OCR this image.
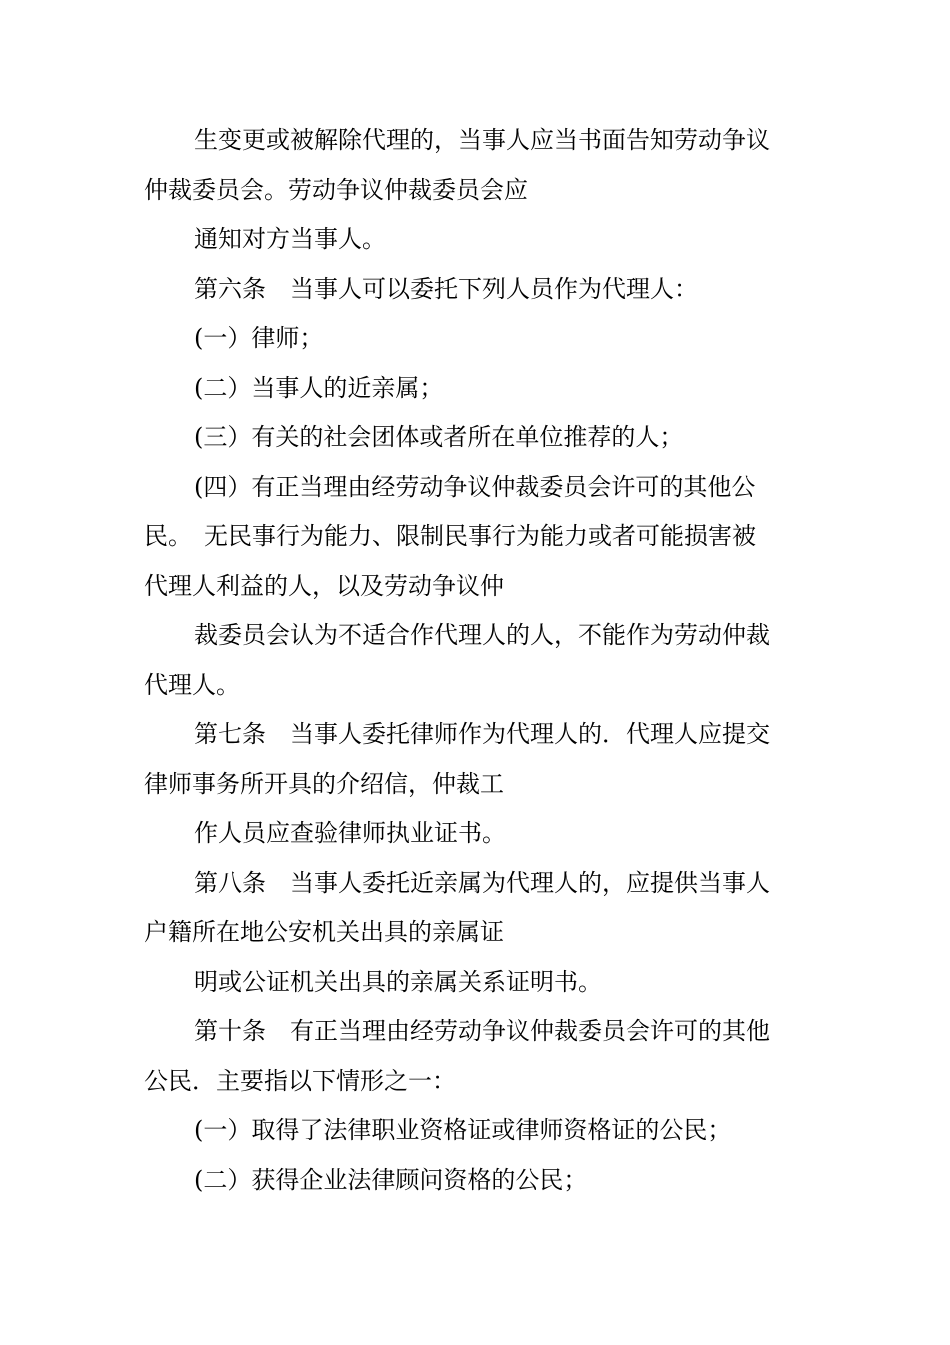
生变更或被解除代理的，当事人应当书面告知劳动争议
仲裁委员会。劳动争议仲裁委员会应
通知对方当事人。
第六条　当事人可以委托下列人员作为代理人：
(一）律师；
(二）当事人的近亲属；
(三）有关的社会团体或者所在单位推荐的人；
(四）有正当理由经劳动争议仲裁委员会许可的其他公
民。　无民事行为能力、限制民事行为能力或者可能损害被
代理人利益的人，以及劳动争议仲
裁委员会认为不适合作代理人的人，不能作为劳动仲裁
代理人。
第七条　当事人委托律师作为代理人的．代理人应提交
律师事务所开具的介绍信，仲裁工
作人员应查验律师执业证书。
第八条　当事人委托近亲属为代理人的，应提供当事人
户籍所在地公安机关出具的亲属证
明或公证机关出具的亲属关系证明书。
第十条　有正当理由经劳动争议仲裁委员会许可的其他
公民．主要指以下情形之一：
(一）取得了法律职业资格证或律师资格证的公民；
(二）获得企业法律顾问资格的公民；
